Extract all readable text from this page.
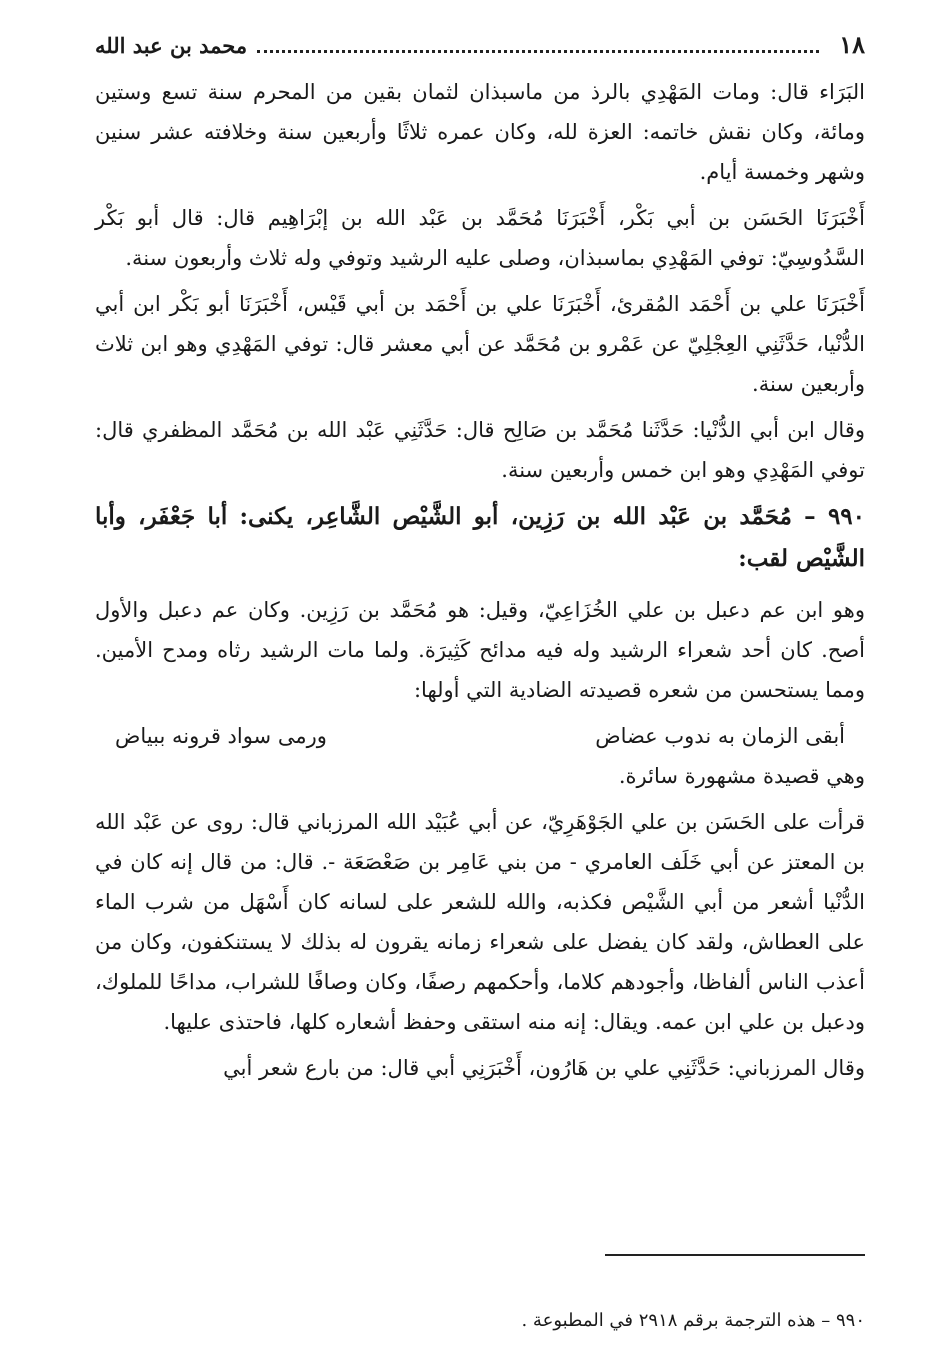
١٨
محمد بن عبد الله

البَرَاء قال: ومات المَهْدِي بالرذ من ماسبذان لثمان بقين من المحرم سنة تسع وستين ومائة، وكان نقش خاتمه: العزة لله، وكان عمره ثلاثًا وأربعين سنة وخلافته عشر سنين وشهر وخمسة أيام.

أَخْبَرَنَا الحَسَن بن أبي بَكْر، أَخْبَرَنَا مُحَمَّد بن عَبْد الله بن إبْرَاهِيم قال: قال أبو بَكْر السَّدُوسِيّ: توفي المَهْدِي بماسبذان، وصلى عليه الرشيد وتوفي وله ثلاث وأربعون سنة.

أَخْبَرَنَا علي بن أَحْمَد المُقرئ، أَخْبَرَنَا علي بن أَحْمَد بن أبي قَيْس، أَخْبَرَنَا أبو بَكْر ابن أبي الدُّنْيا، حَدَّثَنِي العِجْلِيّ عن عَمْرو بن مُحَمَّد عن أبي معشر قال: توفي المَهْدِي وهو ابن ثلاث وأربعين سنة.

وقال ابن أبي الدُّنْيا: حَدَّثَنا مُحَمَّد بن صَالِح قال: حَدَّثَنِي عَبْد الله بن مُحَمَّد المظفري قال: توفي المَهْدِي وهو ابن خمس وأربعين سنة.

٩٩٠ – مُحَمَّد بن عَبْد الله بن رَزِين، أبو الشَّيْص الشَّاعِر، يكنى: أبا جَعْفَر، وأبا الشَّيْص لقب:

وهو ابن عم دعبل بن علي الخُزَاعِيّ، وقيل: هو مُحَمَّد بن رَزِين. وكان عم دعبل والأول أصح. كان أحد شعراء الرشيد وله فيه مدائح كَثِيرَة. ولما مات الرشيد رثاه ومدح الأمين. ومما يستحسن من شعره قصيدته الضادية التي أولها:

أبقى الزمان به ندوب عضاض
ورمى سواد قرونه ببياض

وهي قصيدة مشهورة سائرة.

قرأت على الحَسَن بن علي الجَوْهَرِيّ، عن أبي عُبَيْد الله المرزباني قال: روى عن عَبْد الله بن المعتز عن أبي خَلَف العامري - من بني عَامِر بن صَعْصَعَة -. قال: من قال إنه كان في الدُّنْيا أشعر من أبي الشَّيْص فكذبه، والله للشعر على لسانه كان أَسْهَل من شرب الماء على العطاش، ولقد كان يفضل على شعراء زمانه يقرون له بذلك لا يستنكفون، وكان من أعذب الناس ألفاظا، وأجودهم كلاما، وأحكمهم رصفًا، وكان وصافًا للشراب، مداحًا للملوك، ودعبل بن علي ابن عمه. ويقال: إنه منه استقى وحفظ أشعاره كلها، فاحتذى عليها.

وقال المرزباني: حَدَّثَنِي علي بن هَارُون، أَخْبَرَنِي أبي قال: من بارع شعر أبي

٩٩٠ – هذه الترجمة برقم ٢٩١٨ في المطبوعة .
